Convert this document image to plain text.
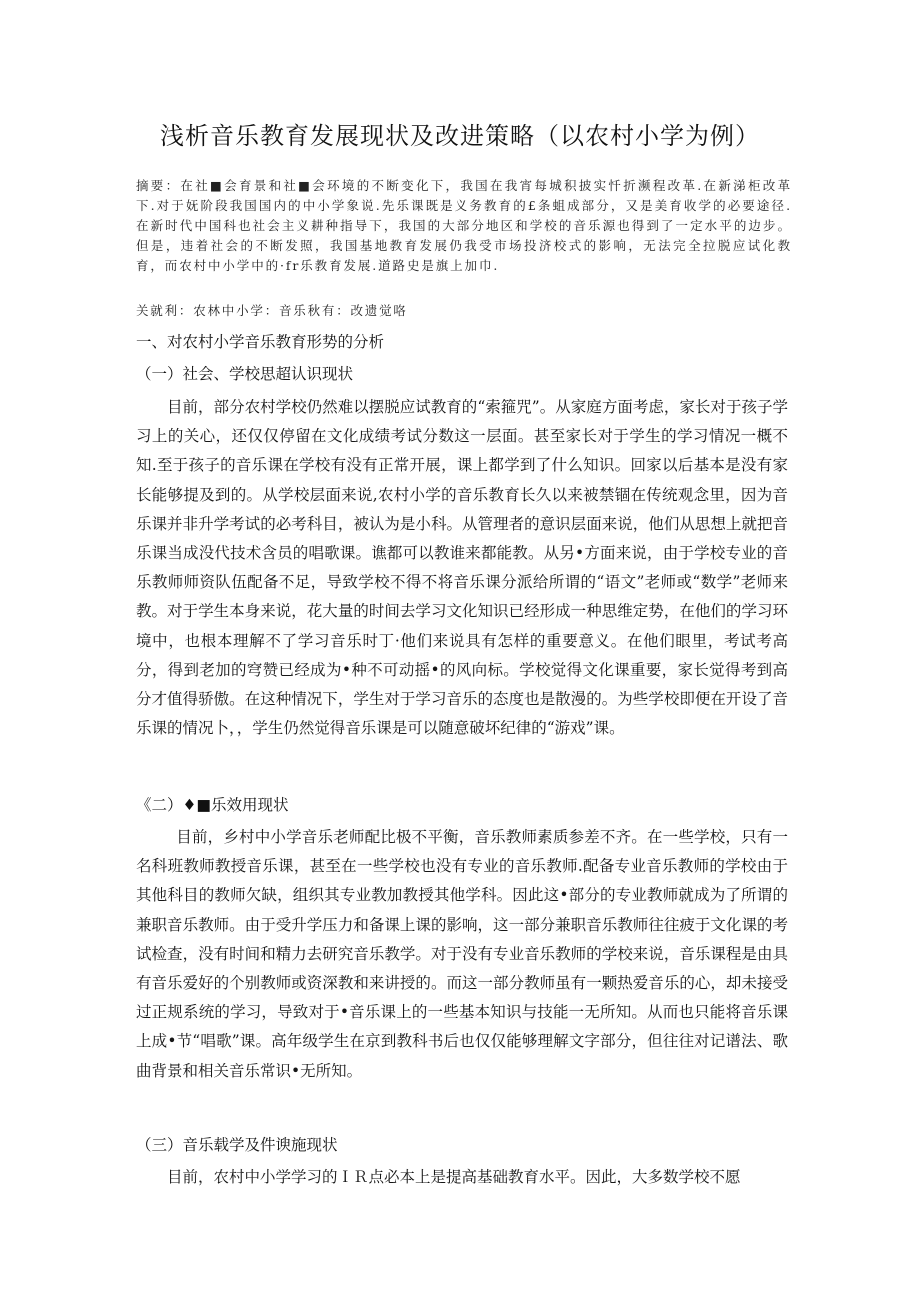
浅析音乐教育发展现状及改进策略（以农村小学为例）
摘要：在社■会育景和社■会环境的不断变化下，我国在我宵每城积披实忏折濒程改革.在新涕柜改革下.对于妩阶段我国国内的中小学象说.先乐课既是义务教育的£条蛆成部分，又是美育收学的必要途径.在新时代中国科也社会主义耕种指导下，我国的大部分地区和学校的音乐源也得到了一定水平的边步。但是，违着社会的不断发照，我国基地教育发展仍我受市场投济校式的影响，无法完全拉脱应试化教育，而农村中小学中的·fr乐教育发展.道路史是旗上加巾.
关就利：农林中小学：音乐秋有：改遗觉咯
一、对农村小学音乐教育形势的分析
（一）社会、学校思超认识现状

目前，部分农村学校仍然难以摆脱应试教育的“索箍咒”。从家庭方面考虑，家长对于孩子学习上的关心，还仅仅停留在文化成绩考试分数这一层面。甚至家长对于学生的学习情况一概不知.至于孩子的音乐课在学校有没有正常开展，课上都学到了什么知识。回家以后基本是没有家长能够提及到的。从学校层面来说,农村小学的音乐教育长久以来被禁锢在传统观念里，因为音乐课并非升学考试的必考科目，被认为是小科。从管理者的意识层面来说，他们从思想上就把音乐课当成没代技术含员的唱歌课。谯都可以教谁来都能教。从另•方面来说，由于学校专业的音乐教师师资队伍配备不足，导致学校不得不将音乐课分派给所谓的“语文”老师或“数学”老师来教。对于学生本身来说，花大量的时间去学习文化知识已经形成一种思维定势，在他们的学习环境中，也根本理解不了学习音乐时丁·他们来说具有怎样的重要意义。在他们眼里，考试考高分，得到老加的穹赞已经成为•种不可动摇•的风向标。学校觉得文化课重要，家长觉得考到高分才值得骄傲。在这种情况下，学生对于学习音乐的态度也是散漫的。为些学校即便在开设了音乐课的情况卜，，学生仍然觉得音乐课是可以随意破坏纪律的“游戏”课。

《二）♦■乐效用现状

目前，乡村中小学音乐老师配比极不平衡，音乐教师素质参差不齐。在一些学校，只有一名科班教师教授音乐课，甚至在一些学校也没有专业的音乐教师.配备专业音乐教师的学校由于其他科目的教师欠缺，组织其专业教加教授其他学科。因此这•部分的专业教师就成为了所谓的兼职音乐教师。由于受升学压力和备课上课的影响，这一部分兼职音乐教师往往疲于文化课的考试检查，没有时间和精力去研究音乐教学。对于没有专业音乐教师的学校来说，音乐课程是由具有音乐爱好的个别教师或资深教和来讲授的。而这一部分教师虽有一颗热爱音乐的心，却未接受过正规系统的学习，导致对于•音乐课上的一些基本知识与技能一无所知。从而也只能将音乐课上成•节“唱歌”课。高年级学生在京到教科书后也仅仅能够理解文字部分，但往往对记谱法、歌曲背景和相关音乐常识•无所知。

（三）音乐载学及件谀施现状

目前，农村中小学学习的ＩＲ点必本上是提高基础教育水平。因此，大多数学校不愿
